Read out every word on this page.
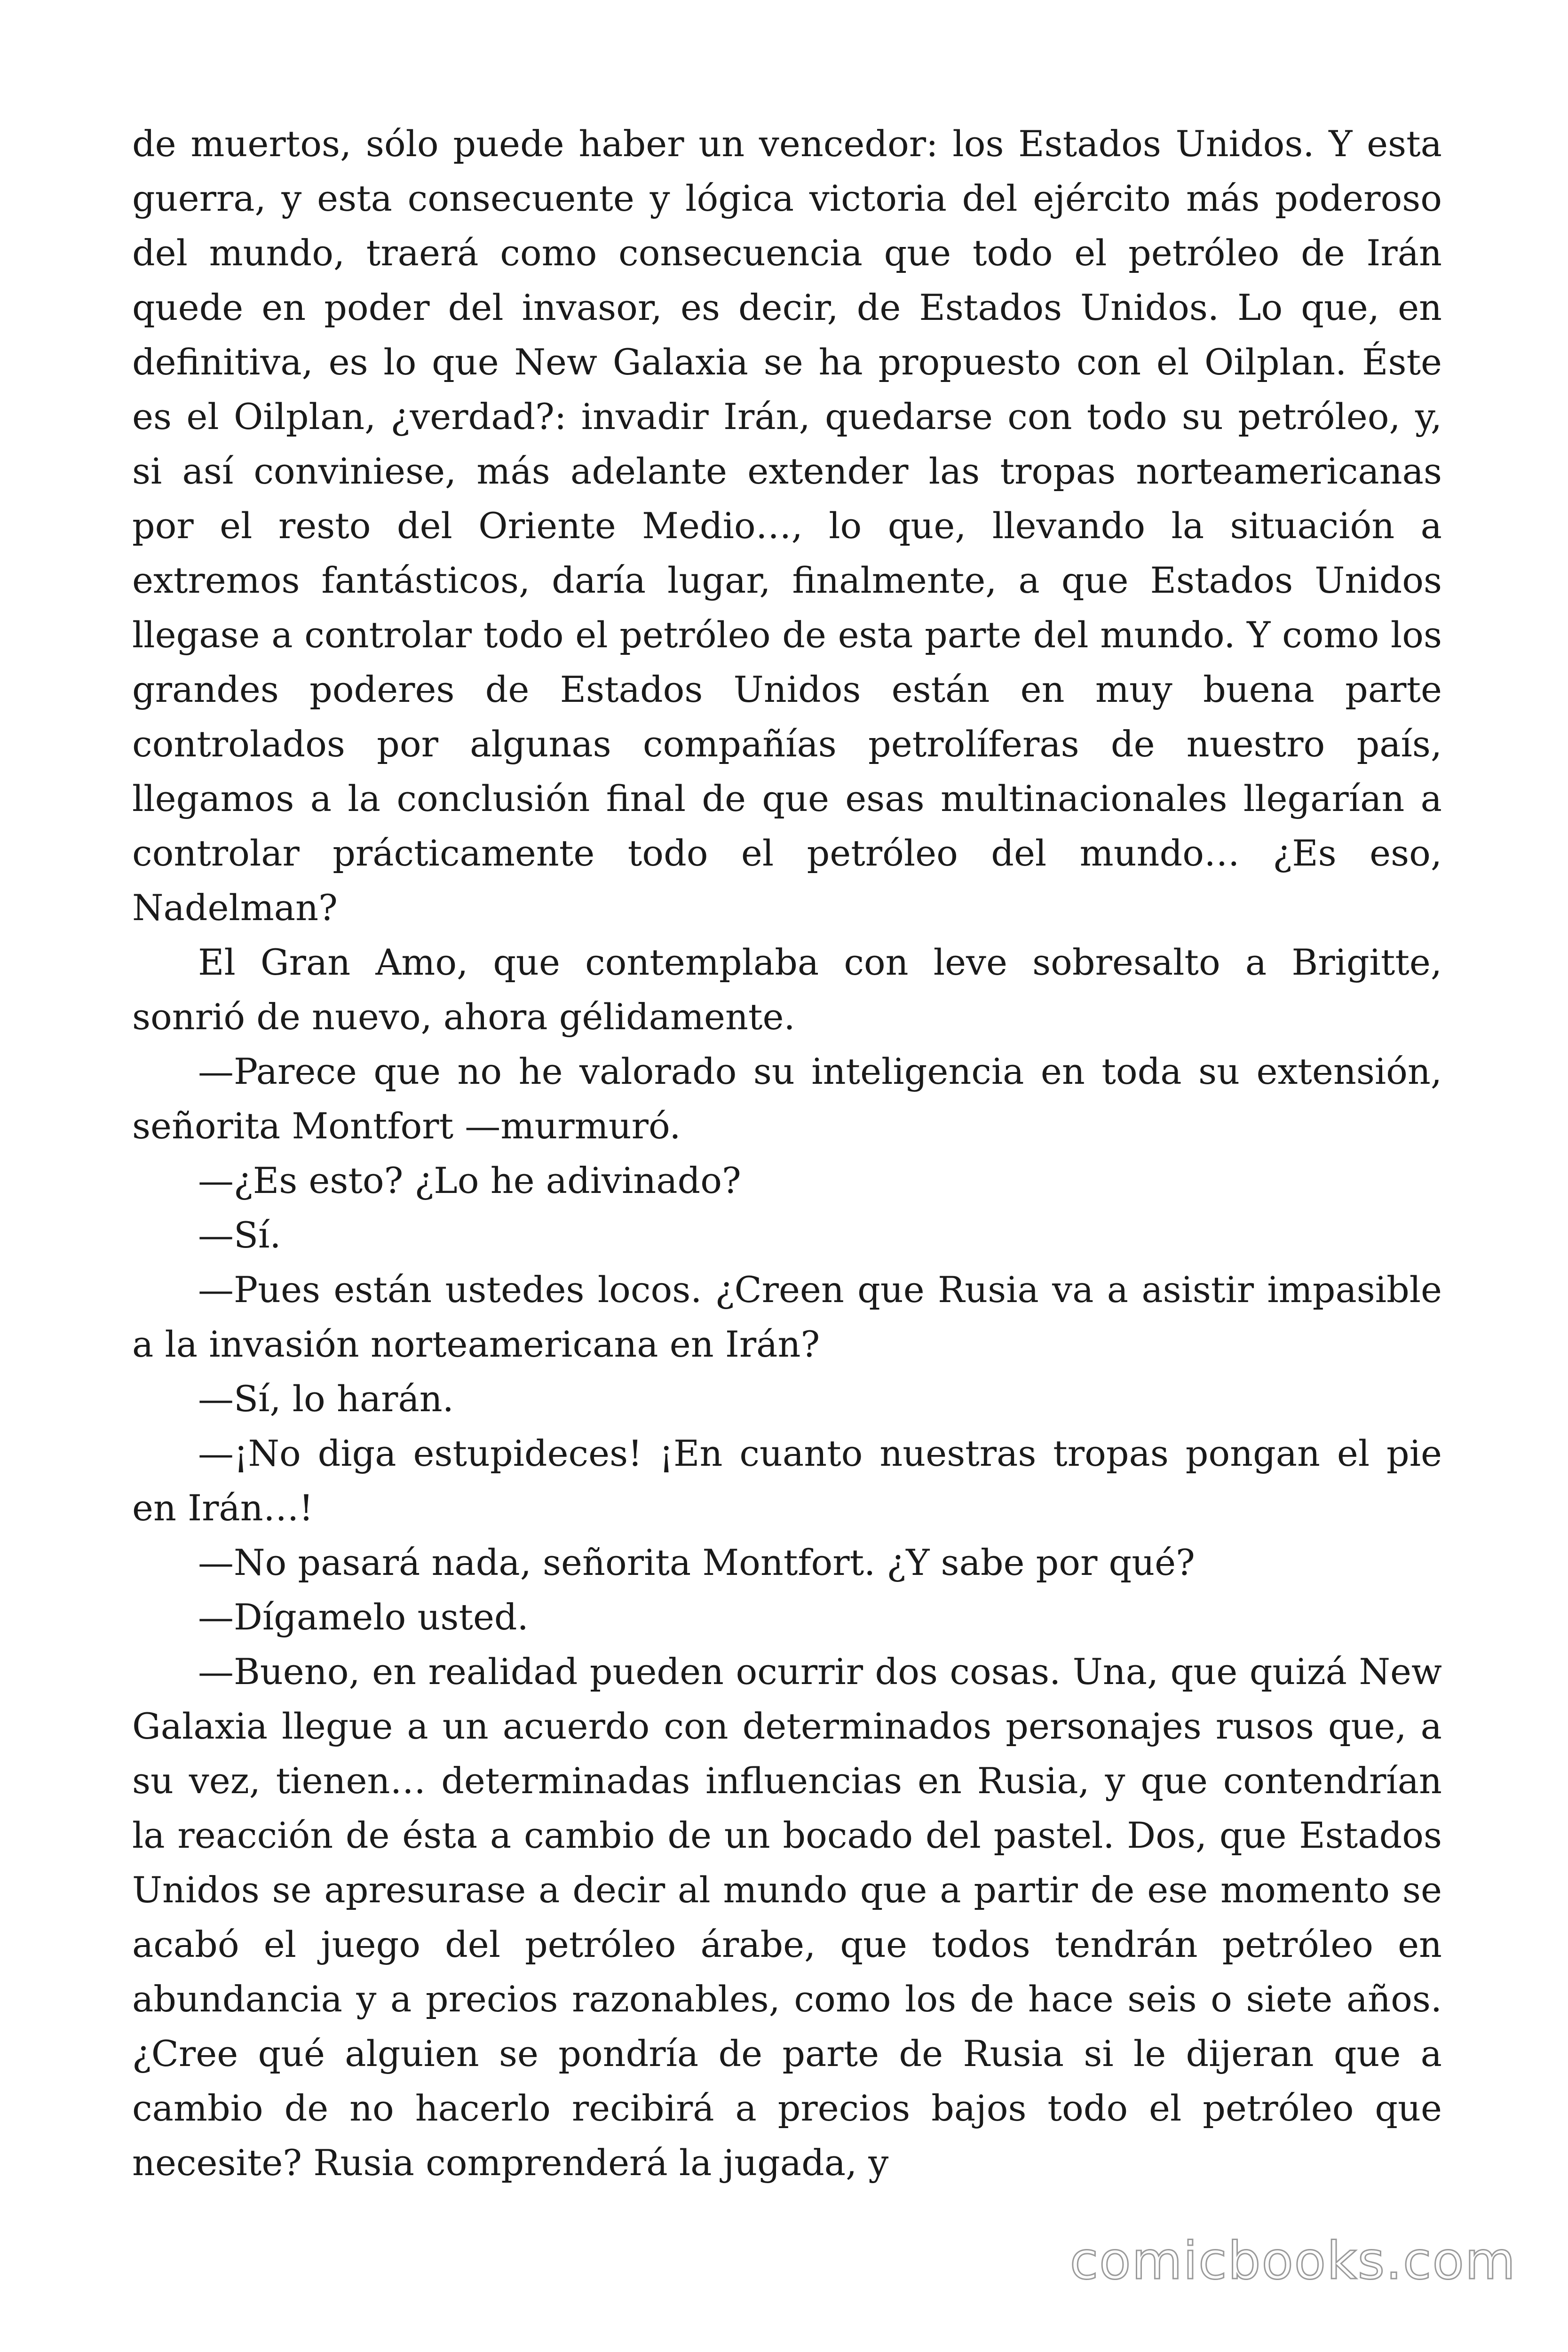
de muertos, sólo puede haber un vencedor: los Estados Unidos. Y esta guerra, y esta consecuente y lógica victoria del ejército más poderoso del mundo, traerá como consecuencia que todo el petróleo de Irán quede en poder del invasor, es decir, de Estados Unidos. Lo que, en definitiva, es lo que New Galaxia se ha propuesto con el Oilplan. Éste es el Oilplan, ¿verdad?: invadir Irán, quedarse con todo su petróleo, y, si así conviniese, más adelante extender las tropas norteamericanas por el resto del Oriente Medio…, lo que, llevando la situación a extremos fantásticos, daría lugar, finalmente, a que Estados Unidos llegase a controlar todo el petróleo de esta parte del mundo. Y como los grandes poderes de Estados Unidos están en muy buena parte controlados por algunas compañías petrolíferas de nuestro país, llegamos a la conclusión final de que esas multinacionales llegarían a controlar prácticamente todo el petróleo del mundo… ¿Es eso, Nadelman?

El Gran Amo, que contemplaba con leve sobresalto a Brigitte, sonrió de nuevo, ahora gélidamente.

—Parece que no he valorado su inteligencia en toda su extensión, señorita Montfort —murmuró.

—¿Es esto? ¿Lo he adivinado?

—Sí.

—Pues están ustedes locos. ¿Creen que Rusia va a asistir impasible a la invasión norteamericana en Irán?

—Sí, lo harán.

—¡No diga estupideces! ¡En cuanto nuestras tropas pongan el pie en Irán…!

—No pasará nada, señorita Montfort. ¿Y sabe por qué?

—Dígamelo usted.

—Bueno, en realidad pueden ocurrir dos cosas. Una, que quizá New Galaxia llegue a un acuerdo con determinados personajes rusos que, a su vez, tienen… determinadas influencias en Rusia, y que contendrían la reacción de ésta a cambio de un bocado del pastel. Dos, que Estados Unidos se apresurase a decir al mundo que a partir de ese momento se acabó el juego del petróleo árabe, que todos tendrán petróleo en abundancia y a precios razonables, como los de hace seis o siete años. ¿Cree qué alguien se pondría de parte de Rusia si le dijeran que a cambio de no hacerlo recibirá a precios bajos todo el petróleo que necesite? Rusia comprenderá la jugada, y

comicbooks.com
